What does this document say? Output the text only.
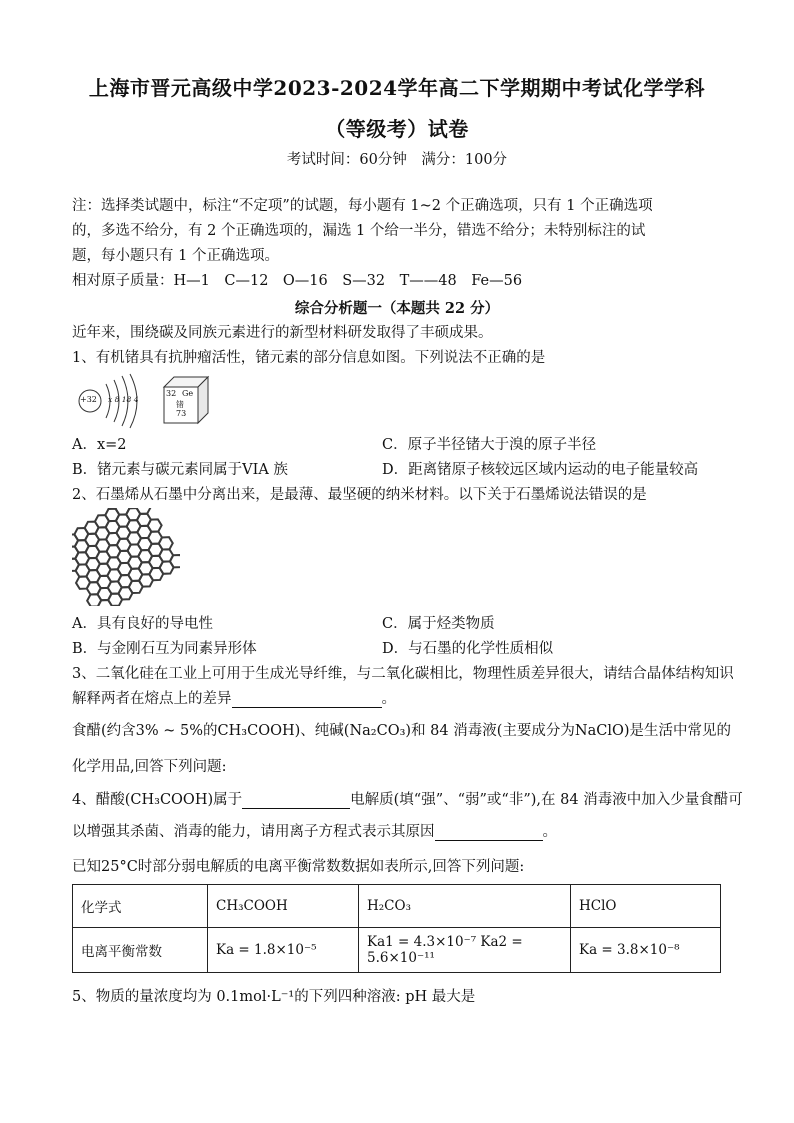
上海市晋元高级中学2023-2024学年高二下学期期中考试化学学科
（等级考）试卷
考试时间：60分钟　满分：100分
注：选择类试题中，标注“不定项”的试题，每小题有 1~2 个正确选项，只有 1 个正确选项
的，多选不给分，有 2 个正确选项的，漏选 1 个给一半分，错选不给分；未特别标注的试
题，每小题只有 1 个正确选项。
相对原子质量：H—1　C—12　O—16　S—32　T——48　Fe—56
综合分析题一（本题共 22 分）
近年来，围绕碳及同族元素进行的新型材料研发取得了丰硕成果。
1、有机锗具有抗肿瘤活性，锗元素的部分信息如图。下列说法不正确的是
+32 x 8 18 4
32 Ge
锗
73
A．x=2	C．原子半径锗大于溴的原子半径
B．锗元素与碳元素同属于VIA 族	D．距离锗原子核较远区域内运动的电子能量较高
2、石墨烯从石墨中分离出来，是最薄、最坚硬的纳米材料。以下关于石墨烯说法错误的是
A．具有良好的导电性	C．属于烃类物质
B．与金刚石互为同素异形体	D．与石墨的化学性质相似
3、二氧化硅在工业上可用于生成光导纤维，与二氧化碳相比，物理性质差异很大，请结合晶体结构知识
解释两者在熔点上的差异	。
食醋(约含3% ~ 5%的CH₃COOH)、纯碱(Na₂CO₃)和 84 消毒液(主要成分为NaClO)是生活中常见的
化学用品,回答下列问题:
4、醋酸(CH₃COOH)属于	电解质(填“强”、“弱”或“非”),在 84 消毒液中加入少量食醋可
以增强其杀菌、消毒的能力，请用离子方程式表示其原因	。
已知25°C时部分弱电解质的电离平衡常数数据如表所示,回答下列问题:
化学式	CH₃COOH	H₂CO₃	HClO
电离平衡常数	Ka = 1.8×10⁻⁵	Ka1 = 4.3×10⁻⁷ Ka2 = 5.6×10⁻¹¹	Ka = 3.8×10⁻⁸
5、物质的量浓度均为 0.1mol·L⁻¹的下列四种溶液: pH 最大是
